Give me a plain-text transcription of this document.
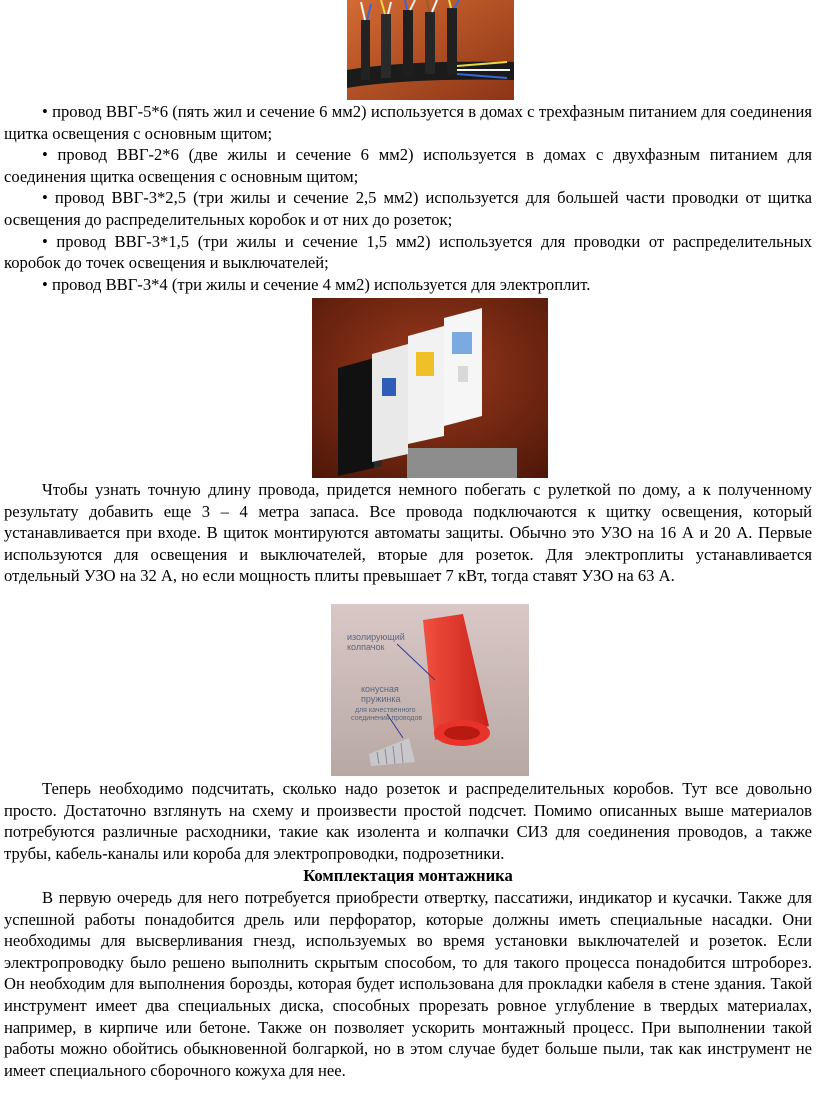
• провод ВВГ-5*6 (пять жил и сечение 6 мм2) используется в домах с трехфазным питанием для соединения щитка освещения с основным щитом;

• провод ВВГ-2*6 (две жилы и сечение 6 мм2) используется в домах с двухфазным питанием для соединения щитка освещения с основным щитом;

• провод ВВГ-3*2,5 (три жилы и сечение 2,5 мм2) используется для большей части проводки от щитка освещения до распределительных коробок и от них до розеток;

• провод ВВГ-3*1,5 (три жилы и сечение 1,5 мм2) используется для проводки от распределительных коробок до точек освещения и выключателей;

• провод ВВГ-3*4 (три жилы и сечение 4 мм2) используется для электроплит.

Чтобы узнать точную длину провода, придется немного побегать с рулеткой по дому, а к полученному результату добавить еще 3 – 4 метра запаса. Все провода подключаются к щитку освещения, который устанавливается при входе. В щиток монтируются автоматы защиты. Обычно это УЗО на 16 А и 20 А. Первые используются для освещения и выключателей, вторые для розеток. Для электроплиты устанавливается отдельный УЗО на 32 А, но если мощность плиты превышает 7 кВт, тогда ставят УЗО на 63 А.

изолирующий
колпачок
конусная
пружинка
для качественного
соединения проводов

Теперь необходимо подсчитать, сколько надо розеток и распределительных коробов. Тут все довольно просто. Достаточно взглянуть на схему и произвести простой подсчет. Помимо описанных выше материалов потребуются различные расходники, такие как изолента и колпачки СИЗ для соединения проводов, а также трубы, кабель-каналы или короба для электропроводки, подрозетники.

Комплектация монтажника

В первую очередь для него потребуется приобрести отвертку, пассатижи, индикатор и кусачки. Также для успешной работы понадобится дрель или перфоратор, которые должны иметь специальные насадки. Они необходимы для высверливания гнезд, используемых во время установки выключателей и розеток. Если электропроводку было решено выполнить скрытым способом, то для такого процесса понадобится штроборез. Он необходим для выполнения борозды, которая будет использована для прокладки кабеля в стене здания. Такой инструмент имеет два специальных диска, способных прорезать ровное углубление в твердых материалах, например, в кирпиче или бетоне. Также он позволяет ускорить монтажный процесс. При выполнении такой работы можно обойтись обыкновенной болгаркой, но в этом случае будет больше пыли, так как инструмент не имеет специального сборочного кожуха для нее.
